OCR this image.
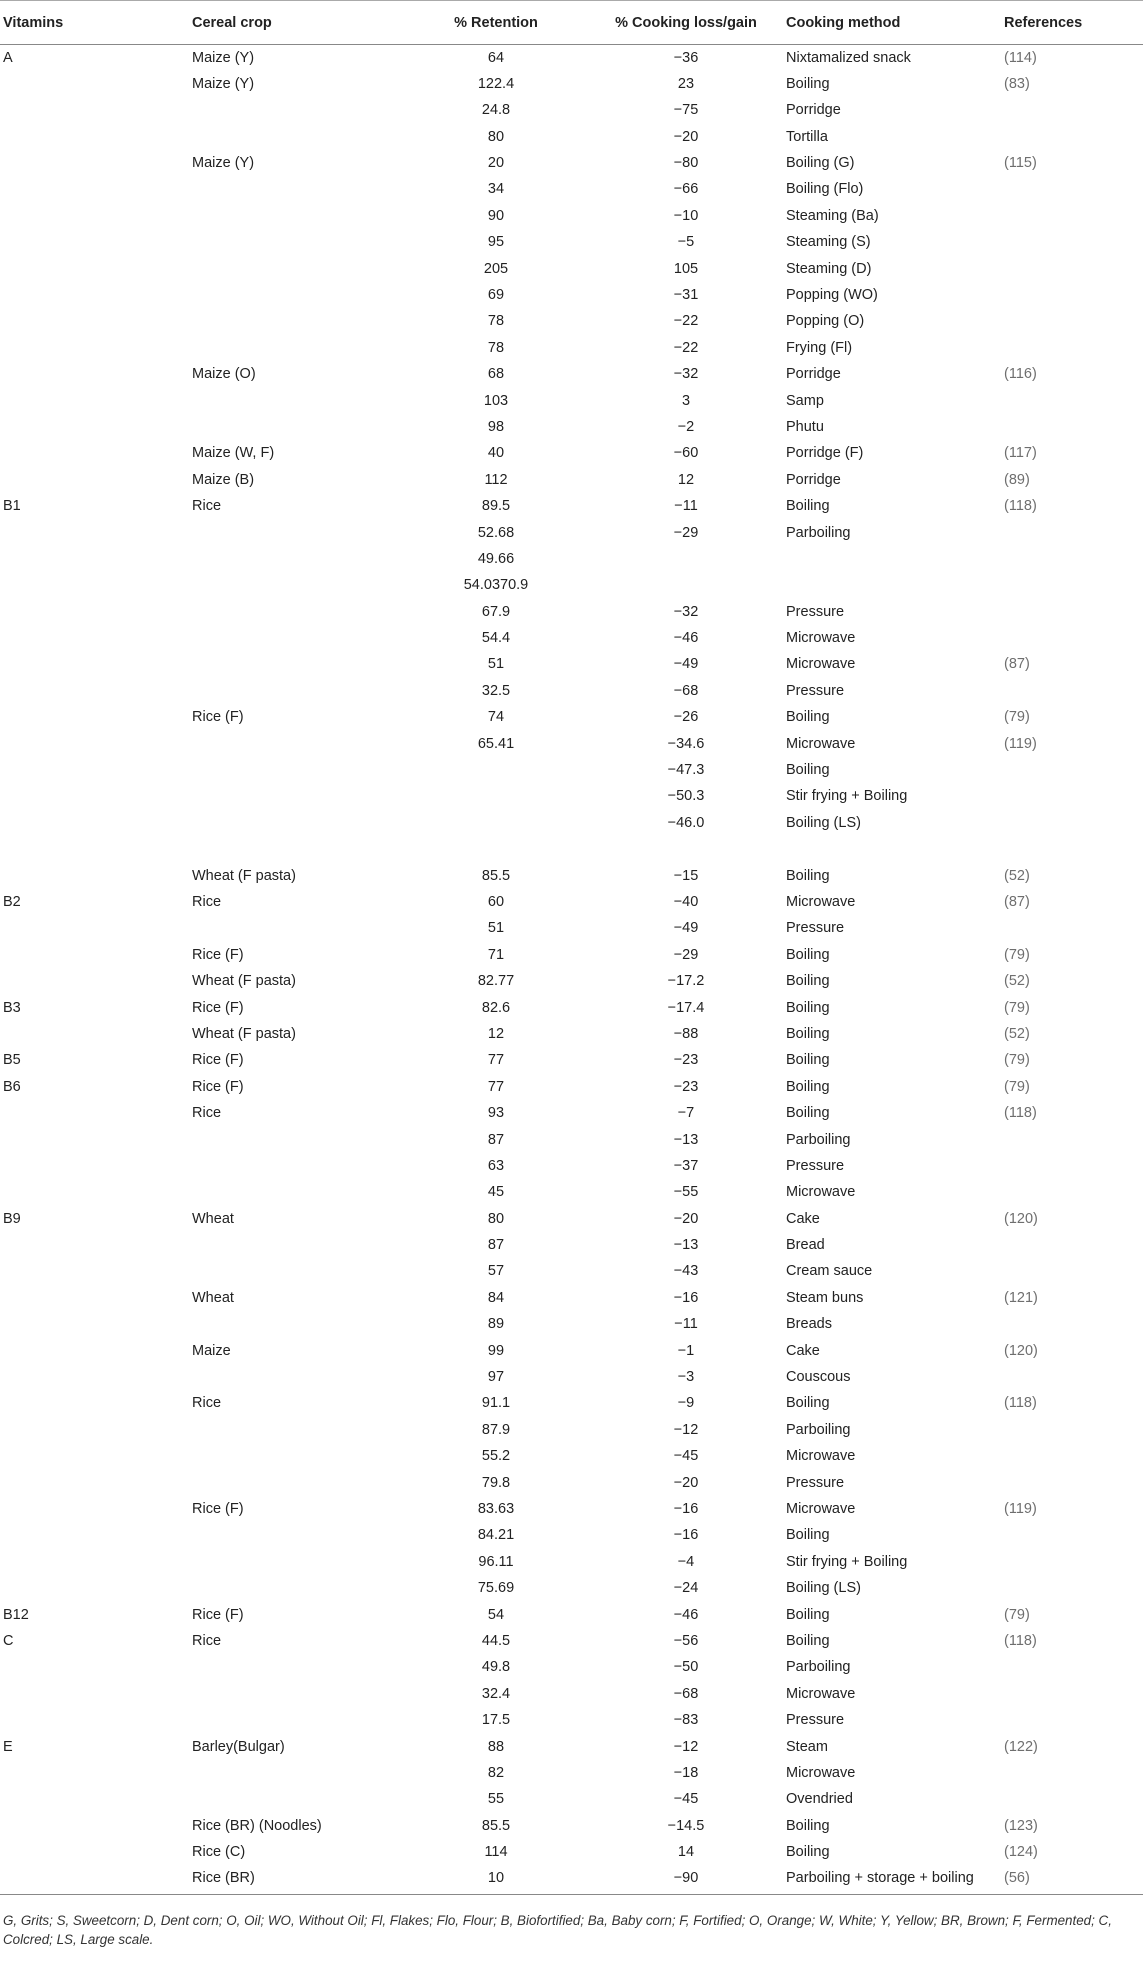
Vitamins	Cereal crop	% Retention	% Cooking loss/gain	Cooking method	References
A	Maize (Y)	64	−36	Nixtamalized snack	(114)
	Maize (Y)	122.4	23	Boiling	(83)
		24.8	−75	Porridge	
		80	−20	Tortilla	
	Maize (Y)	20	−80	Boiling (G)	(115)
		34	−66	Boiling (Flo)	
		90	−10	Steaming (Ba)	
		95	−5	Steaming (S)	
		205	105	Steaming (D)	
		69	−31	Popping (WO)	
		78	−22	Popping (O)	
		78	−22	Frying (Fl)	
	Maize (O)	68	−32	Porridge	(116)
		103	3	Samp	
		98	−2	Phutu	
	Maize (W, F)	40	−60	Porridge (F)	(117)
	Maize (B)	112	12	Porridge	(89)
B1	Rice	89.5	−11	Boiling	(118)
		52.68	−29	Parboiling	
		49.66			
		54.0370.9			
		67.9	−32	Pressure	
		54.4	−46	Microwave	
		51	−49	Microwave	(87)
		32.5	−68	Pressure	
	Rice (F)	74	−26	Boiling	(79)
		65.41	−34.6	Microwave	(119)
			−47.3	Boiling	
			−50.3	Stir frying + Boiling	
			−46.0	Boiling (LS)	

	Wheat (F pasta)	85.5	−15	Boiling	(52)
B2	Rice	60	−40	Microwave	(87)
		51	−49	Pressure	
	Rice (F)	71	−29	Boiling	(79)
	Wheat (F pasta)	82.77	−17.2	Boiling	(52)
B3	Rice (F)	82.6	−17.4	Boiling	(79)
	Wheat (F pasta)	12	−88	Boiling	(52)
B5	Rice (F)	77	−23	Boiling	(79)
B6	Rice (F)	77	−23	Boiling	(79)
	Rice	93	−7	Boiling	(118)
		87	−13	Parboiling	
		63	−37	Pressure	
		45	−55	Microwave	
B9	Wheat	80	−20	Cake	(120)
		87	−13	Bread	
		57	−43	Cream sauce	
	Wheat	84	−16	Steam buns	(121)
		89	−11	Breads	
	Maize	99	−1	Cake	(120)
		97	−3	Couscous	
	Rice	91.1	−9	Boiling	(118)
		87.9	−12	Parboiling	
		55.2	−45	Microwave	
		79.8	−20	Pressure	
	Rice (F)	83.63	−16	Microwave	(119)
		84.21	−16	Boiling	
		96.11	−4	Stir frying + Boiling	
		75.69	−24	Boiling (LS)	
B12	Rice (F)	54	−46	Boiling	(79)
C	Rice	44.5	−56	Boiling	(118)
		49.8	−50	Parboiling	
		32.4	−68	Microwave	
		17.5	−83	Pressure	
E	Barley(Bulgar)	88	−12	Steam	(122)
		82	−18	Microwave	
		55	−45	Ovendried	
	Rice (BR) (Noodles)	85.5	−14.5	Boiling	(123)
	Rice (C)	114	14	Boiling	(124)
	Rice (BR)	10	−90	Parboiling + storage + boiling	(56)
G, Grits; S, Sweetcorn; D, Dent corn; O, Oil; WO, Without Oil; Fl, Flakes; Flo, Flour; B, Biofortified; Ba, Baby corn; F, Fortified; O, Orange; W, White; Y, Yellow; BR, Brown; F, Fermented; C, Colcred; LS, Large scale.
